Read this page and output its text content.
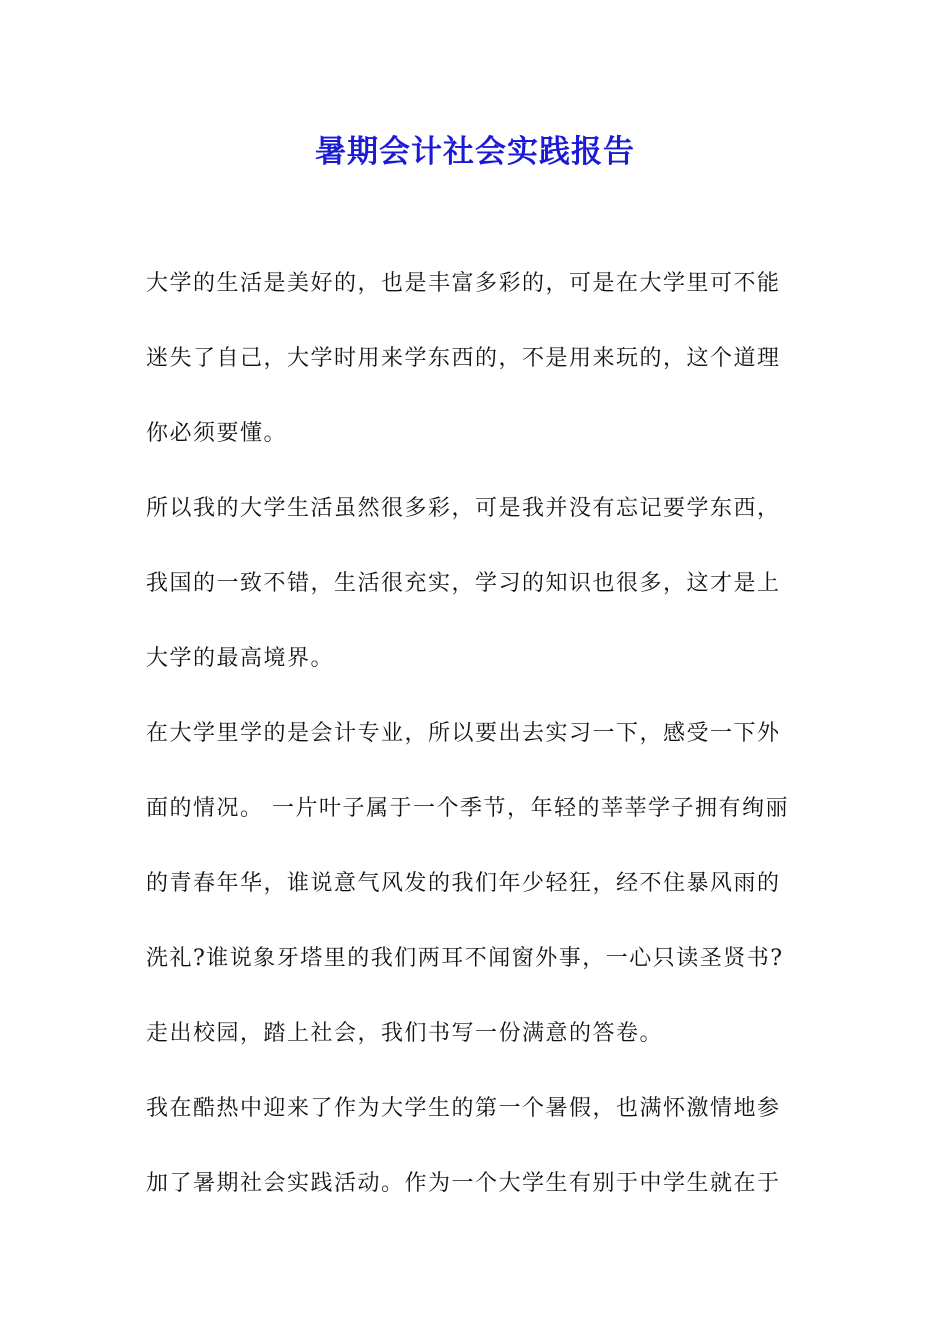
暑期会计社会实践报告
大学的生活是美好的，也是丰富多彩的，可是在大学里可不能
迷失了自己，大学时用来学东西的，不是用来玩的，这个道理
你必须要懂。
所以我的大学生活虽然很多彩，可是我并没有忘记要学东西，
我国的一致不错，生活很充实，学习的知识也很多，这才是上
大学的最高境界。
在大学里学的是会计专业，所以要出去实习一下，感受一下外
面的情况。 一片叶子属于一个季节，年轻的莘莘学子拥有绚丽
的青春年华，谁说意气风发的我们年少轻狂，经不住暴风雨的
洗礼?谁说象牙塔里的我们两耳不闻窗外事，一心只读圣贤书?
走出校园，踏上社会，我们书写一份满意的答卷。
我在酷热中迎来了作为大学生的第一个暑假，也满怀激情地参
加了暑期社会实践活动。作为一个大学生有别于中学生就在于
